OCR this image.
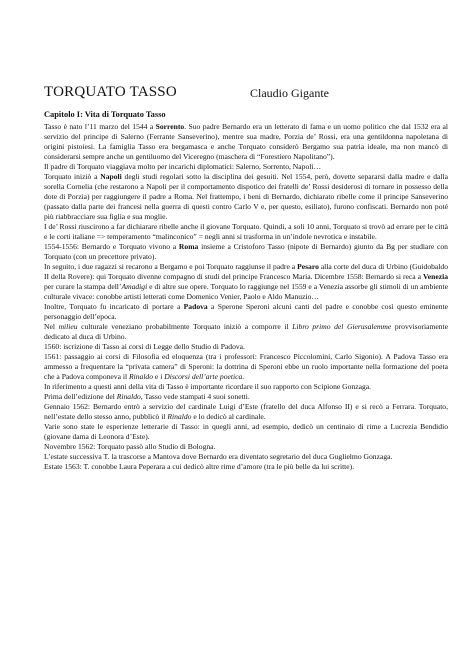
TORQUATO TASSO	Claudio Gigante

Capitolo I: Vita di Torquato Tasso

Tasso è nato l’11 marzo del 1544 a Sorrento. Suo padre Bernardo era un letterato di fama e un uomo politico che dal 1532 era al servizio del principe di Salerno (Ferrante Sanseverino), mentre sua madre, Porzia de’ Rossi, era una gentildonna napoletana di origini pistoiesi. La famiglia Tasso era bergamasca e anche Torquato considerò Bergamo sua patria ideale, ma non mancò di considerarsi sempre anche un gentiluomo del Viceregno (maschera di “Forestiero Napolitano”).

Il padre di Torquato viaggiava molto per incarichi diplomatici: Salerno, Sorrento, Napoli…

Torquato iniziò a Napoli degli studi regolari sotto la disciplina dei gesuiti. Nel 1554, però, dovette separarsi dalla madre e dalla sorella Cornelia (che restarono a Napoli per il comportamento dispotico dei fratelli de’ Rossi desiderosi di tornare in possesso della dote di Porzia) per raggiungere il padre a Roma. Nel frattempo, i beni di Bernardo, dichiarato ribelle come il principe Sanseverino (passato dalla parte dei francesi nella guerra di questi contro Carlo V e, per questo, esiliato), furono confiscati. Bernardo non poté più riabbracciare sua figlia e sua moglie.

I de’ Rossi riuscirono a far dichiarare ribelle anche il giovane Torquato. Quindi, a soli 10 anni, Torquato si trovò ad errare per le città e le corti italiane => temperamento “malinconico” = negli anni si trasforma in un’indole nevrotica e instabile.

1554-1556: Bernardo e Torquato vivono a Roma insieme a Cristoforo Tasso (nipote di Bernardo) giunto da Bg per studiare con Torquato (con un precettore privato).

In seguito, i due ragazzi si recarono a Bergamo e poi Torquato raggiunse il padre a Pesaro alla corte del duca di Urbino (Guidobaldo II della Rovere): qui Torquato divenne compagno di studi del principe Francesco Maria. Dicembre 1558: Bernardo si reca a Venezia per curare la stampa dell’Amadigi e di altre sue opere. Torquato lo raggiunge nel 1559 e a Venezia assorbe gli stimoli di un ambiente culturale vivace: conobbe artisti letterati come Domenico Venier, Paolo e Aldo Manuzio…

Inoltre, Torquato fu incaricato di portare a Padova a Sperone Speroni alcuni canti del padre e conobbe così questo eminente personaggio dell’epoca.

Nel milieu culturale veneziano probabilmente Torquato iniziò a comporre il Libro primo del Gierusalemme provvisoriamente dedicato al duca di Urbino.

1560: iscrizione di Tasso ai corsi di Legge dello Studio di Padova.

1561: passaggio ai corsi di Filosofia ed eloquenza (tra i professori: Francesco Piccolomini, Carlo Sigonio). A Padova Tasso era ammesso a frequentare la “privata camera” di Speroni: la dottrina di Speroni ebbe un ruolo importante nella formazione del poeta che a Padova componeva il Rinaldo e i Discorsi dell’arte poetica.

In riferimento a questi anni della vita di Tasso è importante ricordare il suo rapporto con Scipione Gonzaga.

Prima dell’edizione del Rinaldo, Tasso vede stampati 4 suoi sonetti.

Gennaio 1562: Bernardo entrò a servizio del cardinale Luigi d’Este (fratello del duca Alfonso II) e si recò a Ferrara. Torquato, nell’estate dello stesso anno, pubblicò il Rinaldo e lo dedicò al cardinale.

Varie sono state le esperienze letterarie di Tasso: in quegli anni, ad esempio, dedicò un centinaio di rime a Lucrezia Bendidio (giovane dama di Leonora d’Este).

Novembre 1562: Torquato passò allo Studio di Bologna.

L’estate successiva T. la trascorse a Mantova dove Bernardo era diventato segretario del duca Guglielmo Gonzaga.

Estate 1563: T. conobbe Laura Peperara a cui dedicò altre rime d’amore (tra le più belle da lui scritte).
